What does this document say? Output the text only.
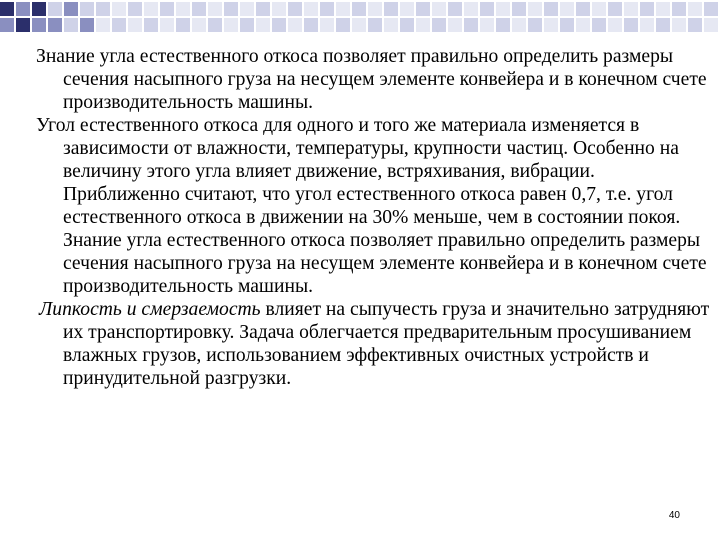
Знание угла естественного откоса позволяет правильно определить размеры сечения насыпного груза на несущем элементе конвейера и в конечном счете производительность машины.

Угол естественного откоса для одного и того же материала изменяется в зависимости от влажности, температуры, крупности частиц. Особенно на величину этого угла влияет движение, встряхивания, вибрации. Приближенно считают, что угол естественного откоса равен 0,7, т.е. угол естественного откоса в движении на 30% меньше, чем в состоянии покоя. Знание угла естественного откоса позволяет правильно определить размеры сечения насыпного груза на несущем элементе конвейера и в конечном счете производительность машины.

Липкость и смерзаемость влияет на сыпучесть груза и значительно затрудняют их транспортировку. Задача облегчается предварительным просушиванием влажных грузов, использованием эффективных очистных устройств и принудительной разгрузки.

40
